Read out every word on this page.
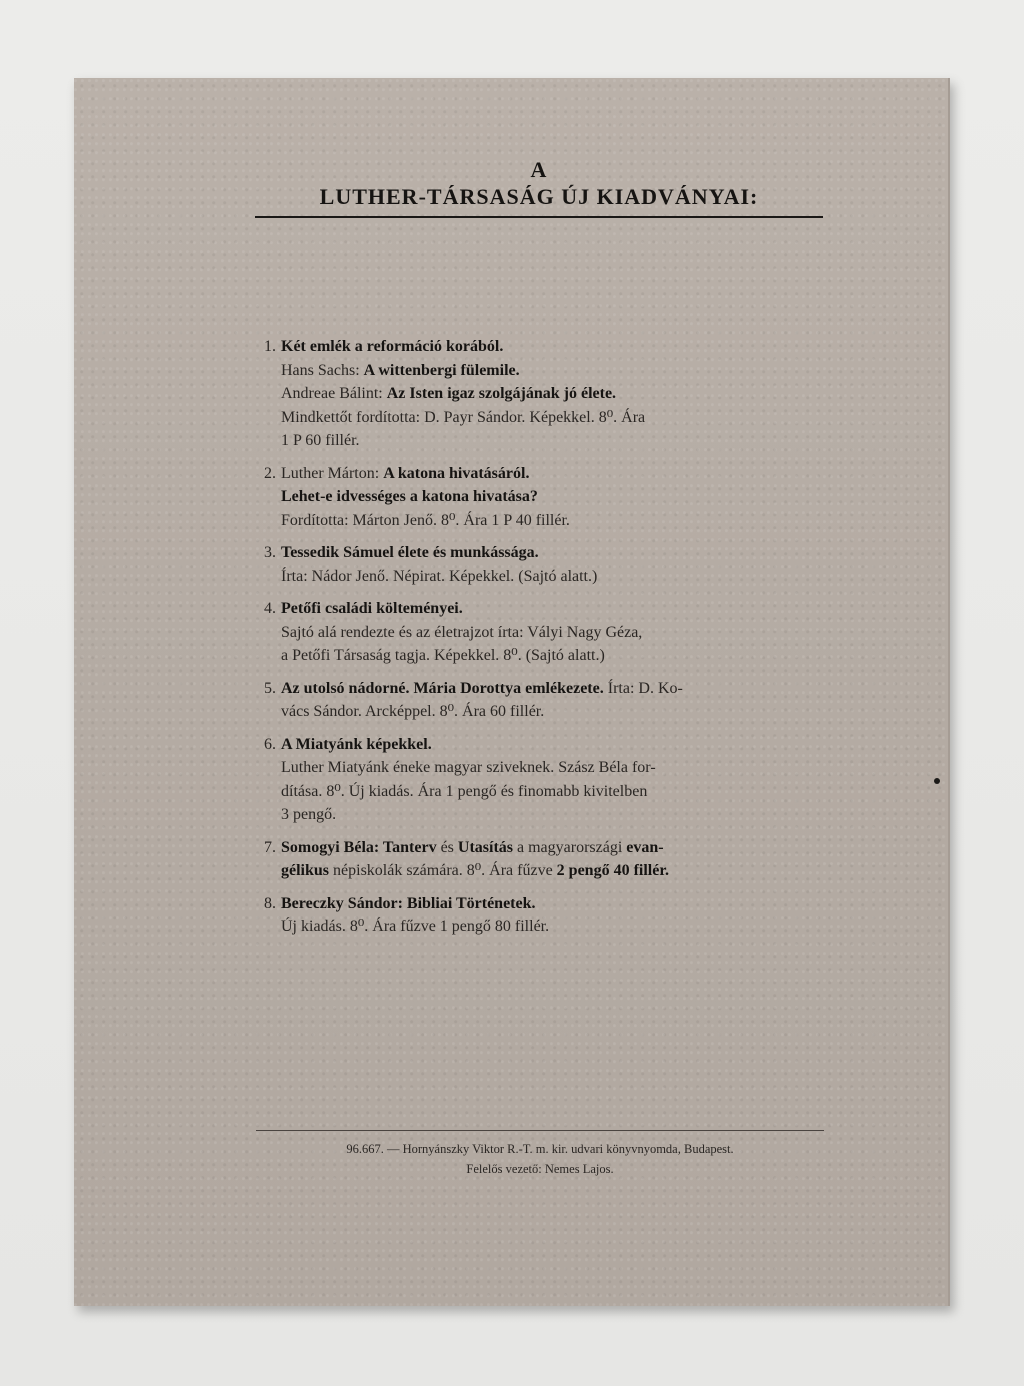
A
LUTHER-TÁRSASÁG ÚJ KIADVÁNYAI:
1. Két emlék a reformáció korából.
Hans Sachs: A wittenbergi fülemile.
Andreae Bálint: Az Isten igaz szolgájának jó élete.
Mindkettőt fordította: D. Payr Sándor. Képekkel. 8⁰. Ára
1 P 60 fillér.
2. Luther Márton: A katona hivatásáról.
Lehet-e idvességes a katona hivatása?
Fordította: Márton Jenő. 8⁰. Ára 1 P 40 fillér.
3. Tessedik Sámuel élete és munkássága.
Írta: Nádor Jenő. Népirat. Képekkel. (Sajtó alatt.)
4. Petőfi családi költeményei.
Sajtó alá rendezte és az életrajzot írta: Vályi Nagy Géza,
a Petőfi Társaság tagja. Képekkel. 8⁰. (Sajtó alatt.)
5. Az utolsó nádorné. Mária Dorottya emlékezete. Írta: D. Ko-
vács Sándor. Arcképpel. 8⁰. Ára 60 fillér.
6. A Miatyánk képekkel.
Luther Miatyánk éneke magyar sziveknek. Szász Béla for-
dítása. 8⁰. Új kiadás. Ára 1 pengő és finomabb kivitelben
3 pengő.
7. Somogyi Béla: Tanterv és Utasítás a magyarországi evan-
gélikus népiskolák számára. 8⁰. Ára fűzve 2 pengő 40 fillér.
8. Bereczky Sándor: Bibliai Történetek.
Új kiadás. 8⁰. Ára fűzve 1 pengő 80 fillér.
96.667. — Hornyánszky Viktor R.-T. m. kir. udvari könyvnyomda, Budapest.
Felelős vezető: Nemes Lajos.
